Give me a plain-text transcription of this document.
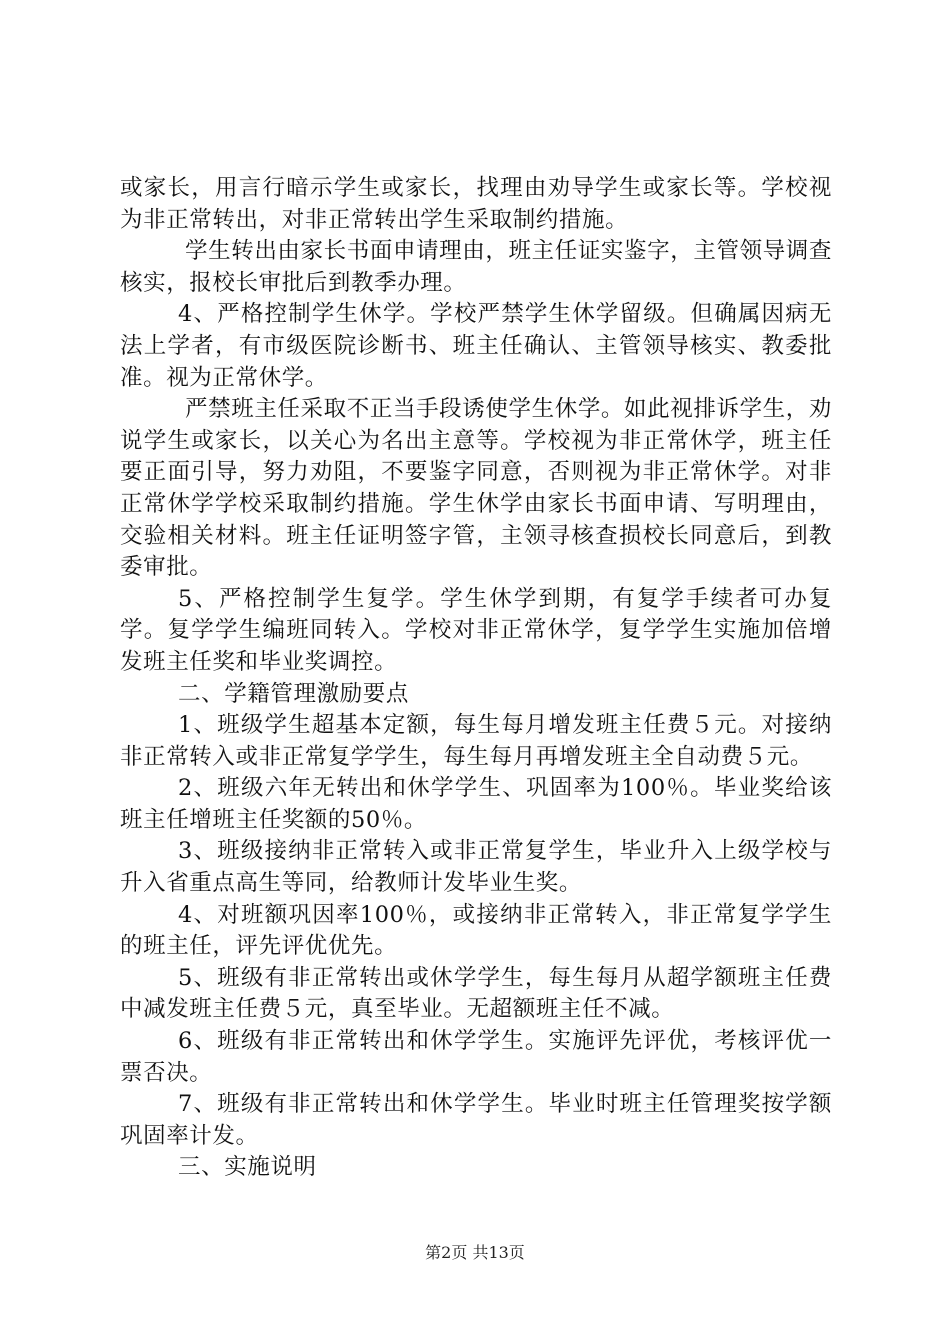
或家长，用言行暗示学生或家长，找理由劝导学生或家长等。学校视为非正常转出，对非正常转出学生采取制约措施。

学生转出由家长书面申请理由，班主任证实鉴字，主管领导调查核实，报校长审批后到教季办理。

4、严格控制学生休学。学校严禁学生休学留级。但确属因病无法上学者，有市级医院诊断书、班主任确认、主管领导核实、教委批准。视为正常休学。

严禁班主任采取不正当手段诱使学生休学。如此视排诉学生，劝说学生或家长，以关心为名出主意等。学校视为非正常休学，班主任要正面引导，努力劝阻，不要鉴字同意，否则视为非正常休学。对非正常休学学校采取制约措施。学生休学由家长书面申请、写明理由，交验相关材料。班主任证明签字管，主领寻核查损校长同意后，到教委审批。

5、严格控制学生复学。学生休学到期，有复学手续者可办复学。复学学生编班同转入。学校对非正常休学，复学学生实施加倍增发班主任奖和毕业奖调控。

二、学籍管理激励要点

1、班级学生超基本定额，每生每月增发班主任费５元。对接纳非正常转入或非正常复学学生，每生每月再增发班主全自动费５元。

2、班级六年无转出和休学学生、巩固率为100％。毕业奖给该班主任增班主任奖额的50％。

3、班级接纳非正常转入或非正常复学生，毕业升入上级学校与升入省重点高生等同，给教师计发毕业生奖。

4、对班额巩因率100％，或接纳非正常转入，非正常复学学生的班主任，评先评优优先。

5、班级有非正常转出或休学学生，每生每月从超学额班主任费中减发班主任费５元，真至毕业。无超额班主任不减。

6、班级有非正常转出和休学学生。实施评先评优，考核评优一票否决。

7、班级有非正常转出和休学学生。毕业时班主任管理奖按学额巩固率计发。

三、实施说明

第2页 共13页
